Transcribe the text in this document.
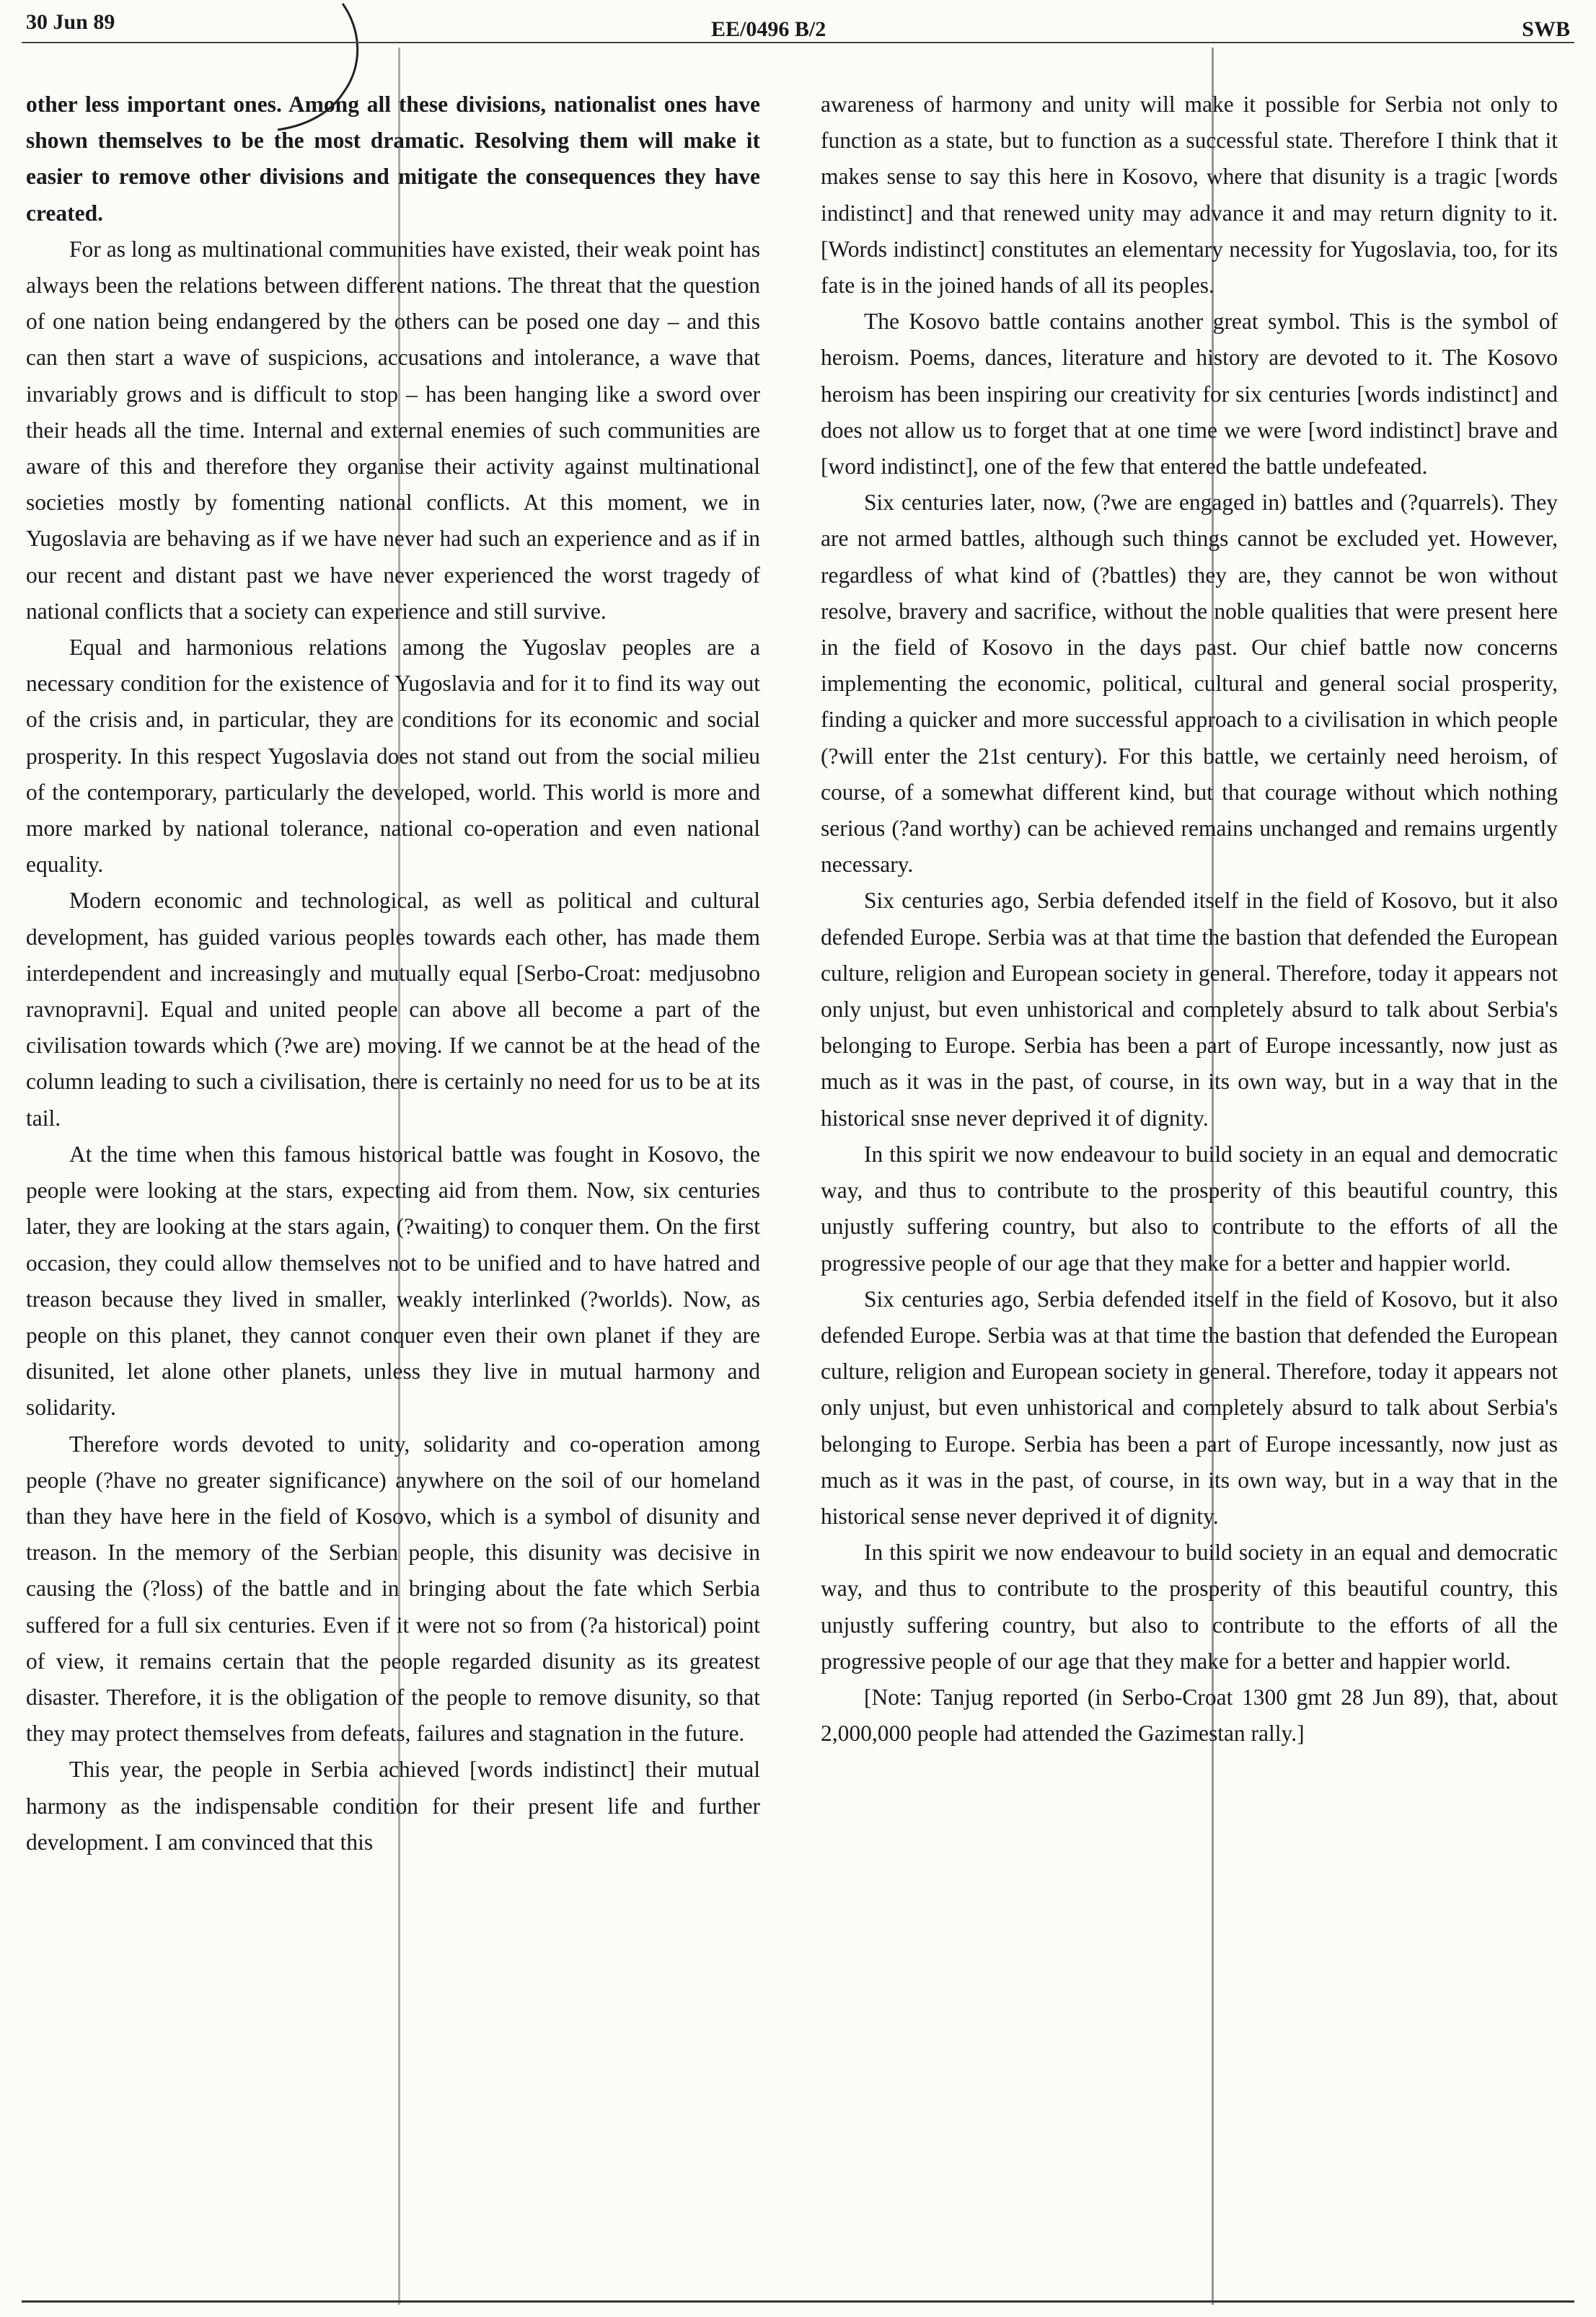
30 Jun 89	EE/0496 B/2	SWB

other less important ones. Among all these divisions, nationalist ones have shown themselves to be the most dramatic. Resolving them will make it easier to remove other divisions and mitigate the consequences they have created.

For as long as multinational communities have existed, their weak point has always been the relations between different nations. The threat that the question of one nation being endangered by the others can be posed one day – and this can then start a wave of suspicions, accusations and intolerance, a wave that invariably grows and is difficult to stop – has been hanging like a sword over their heads all the time. Internal and external enemies of such communities are aware of this and therefore they organise their activity against multinational societies mostly by fomenting national conflicts. At this moment, we in Yugoslavia are behaving as if we have never had such an experience and as if in our recent and distant past we have never experienced the worst tragedy of national conflicts that a society can experience and still survive.

Equal and harmonious relations among the Yugoslav peoples are a necessary condition for the existence of Yugoslavia and for it to find its way out of the crisis and, in particular, they are conditions for its economic and social prosperity. In this respect Yugoslavia does not stand out from the social milieu of the contemporary, particularly the developed, world. This world is more and more marked by national tolerance, national co-operation and even national equality.

Modern economic and technological, as well as political and cultural development, has guided various peoples towards each other, has made them interdependent and increasingly and mutually equal [Serbo-Croat: medjusobno ravnopravni]. Equal and united people can above all become a part of the civilisation towards which (?we are) moving. If we cannot be at the head of the column leading to such a civilisation, there is certainly no need for us to be at its tail.

At the time when this famous historical battle was fought in Kosovo, the people were looking at the stars, expecting aid from them. Now, six centuries later, they are looking at the stars again, (?waiting) to conquer them. On the first occasion, they could allow themselves not to be unified and to have hatred and treason because they lived in smaller, weakly interlinked (?worlds). Now, as people on this planet, they cannot conquer even their own planet if they are disunited, let alone other planets, unless they live in mutual harmony and solidarity.

Therefore words devoted to unity, solidarity and co-operation among people (?have no greater significance) anywhere on the soil of our homeland than they have here in the field of Kosovo, which is a symbol of disunity and treason. In the memory of the Serbian people, this disunity was decisive in causing the (?loss) of the battle and in bringing about the fate which Serbia suffered for a full six centuries. Even if it were not so from (?a historical) point of view, it remains certain that the people regarded disunity as its greatest disaster. Therefore, it is the obligation of the people to remove disunity, so that they may protect themselves from defeats, failures and stagnation in the future.

This year, the people in Serbia achieved [words indistinct] their mutual harmony as the indispensable condition for their present life and further development. I am convinced that this

awareness of harmony and unity will make it possible for Serbia not only to function as a state, but to function as a successful state. Therefore I think that it makes sense to say this here in Kosovo, where that disunity is a tragic [words indistinct] and that renewed unity may advance it and may return dignity to it. [Words indistinct] constitutes an elementary necessity for Yugoslavia, too, for its fate is in the joined hands of all its peoples.

The Kosovo battle contains another great symbol. This is the symbol of heroism. Poems, dances, literature and history are devoted to it. The Kosovo heroism has been inspiring our creativity for six centuries [words indistinct] and does not allow us to forget that at one time we were [word indistinct] brave and [word indistinct], one of the few that entered the battle undefeated.

Six centuries later, now, (?we are engaged in) battles and (?quarrels). They are not armed battles, although such things cannot be excluded yet. However, regardless of what kind of (?battles) they are, they cannot be won without resolve, bravery and sacrifice, without the noble qualities that were present here in the field of Kosovo in the days past. Our chief battle now concerns implementing the economic, political, cultural and general social prosperity, finding a quicker and more successful approach to a civilisation in which people (?will enter the 21st century). For this battle, we certainly need heroism, of course, of a somewhat different kind, but that courage without which nothing serious (?and worthy) can be achieved remains unchanged and remains urgently necessary.

Six centuries ago, Serbia defended itself in the field of Kosovo, but it also defended Europe. Serbia was at that time the bastion that defended the European culture, religion and European society in general. Therefore, today it appears not only unjust, but even unhistorical and completely absurd to talk about Serbia's belonging to Europe. Serbia has been a part of Europe incessantly, now just as much as it was in the past, of course, in its own way, but in a way that in the historical snse never deprived it of dignity.

In this spirit we now endeavour to build society in an equal and democratic way, and thus to contribute to the prosperity of this beautiful country, this unjustly suffering country, but also to contribute to the efforts of all the progressive people of our age that they make for a better and happier world.

Six centuries ago, Serbia defended itself in the field of Kosovo, but it also defended Europe. Serbia was at that time the bastion that defended the European culture, religion and European society in general. Therefore, today it appears not only unjust, but even unhistorical and completely absurd to talk about Serbia's belonging to Europe. Serbia has been a part of Europe incessantly, now just as much as it was in the past, of course, in its own way, but in a way that in the historical sense never deprived it of dignity.

In this spirit we now endeavour to build society in an equal and democratic way, and thus to contribute to the prosperity of this beautiful country, this unjustly suffering country, but also to contribute to the efforts of all the progressive people of our age that they make for a better and happier world.

[Note: Tanjug reported (in Serbo-Croat 1300 gmt 28 Jun 89), that, about 2,000,000 people had attended the Gazimestan rally.]
